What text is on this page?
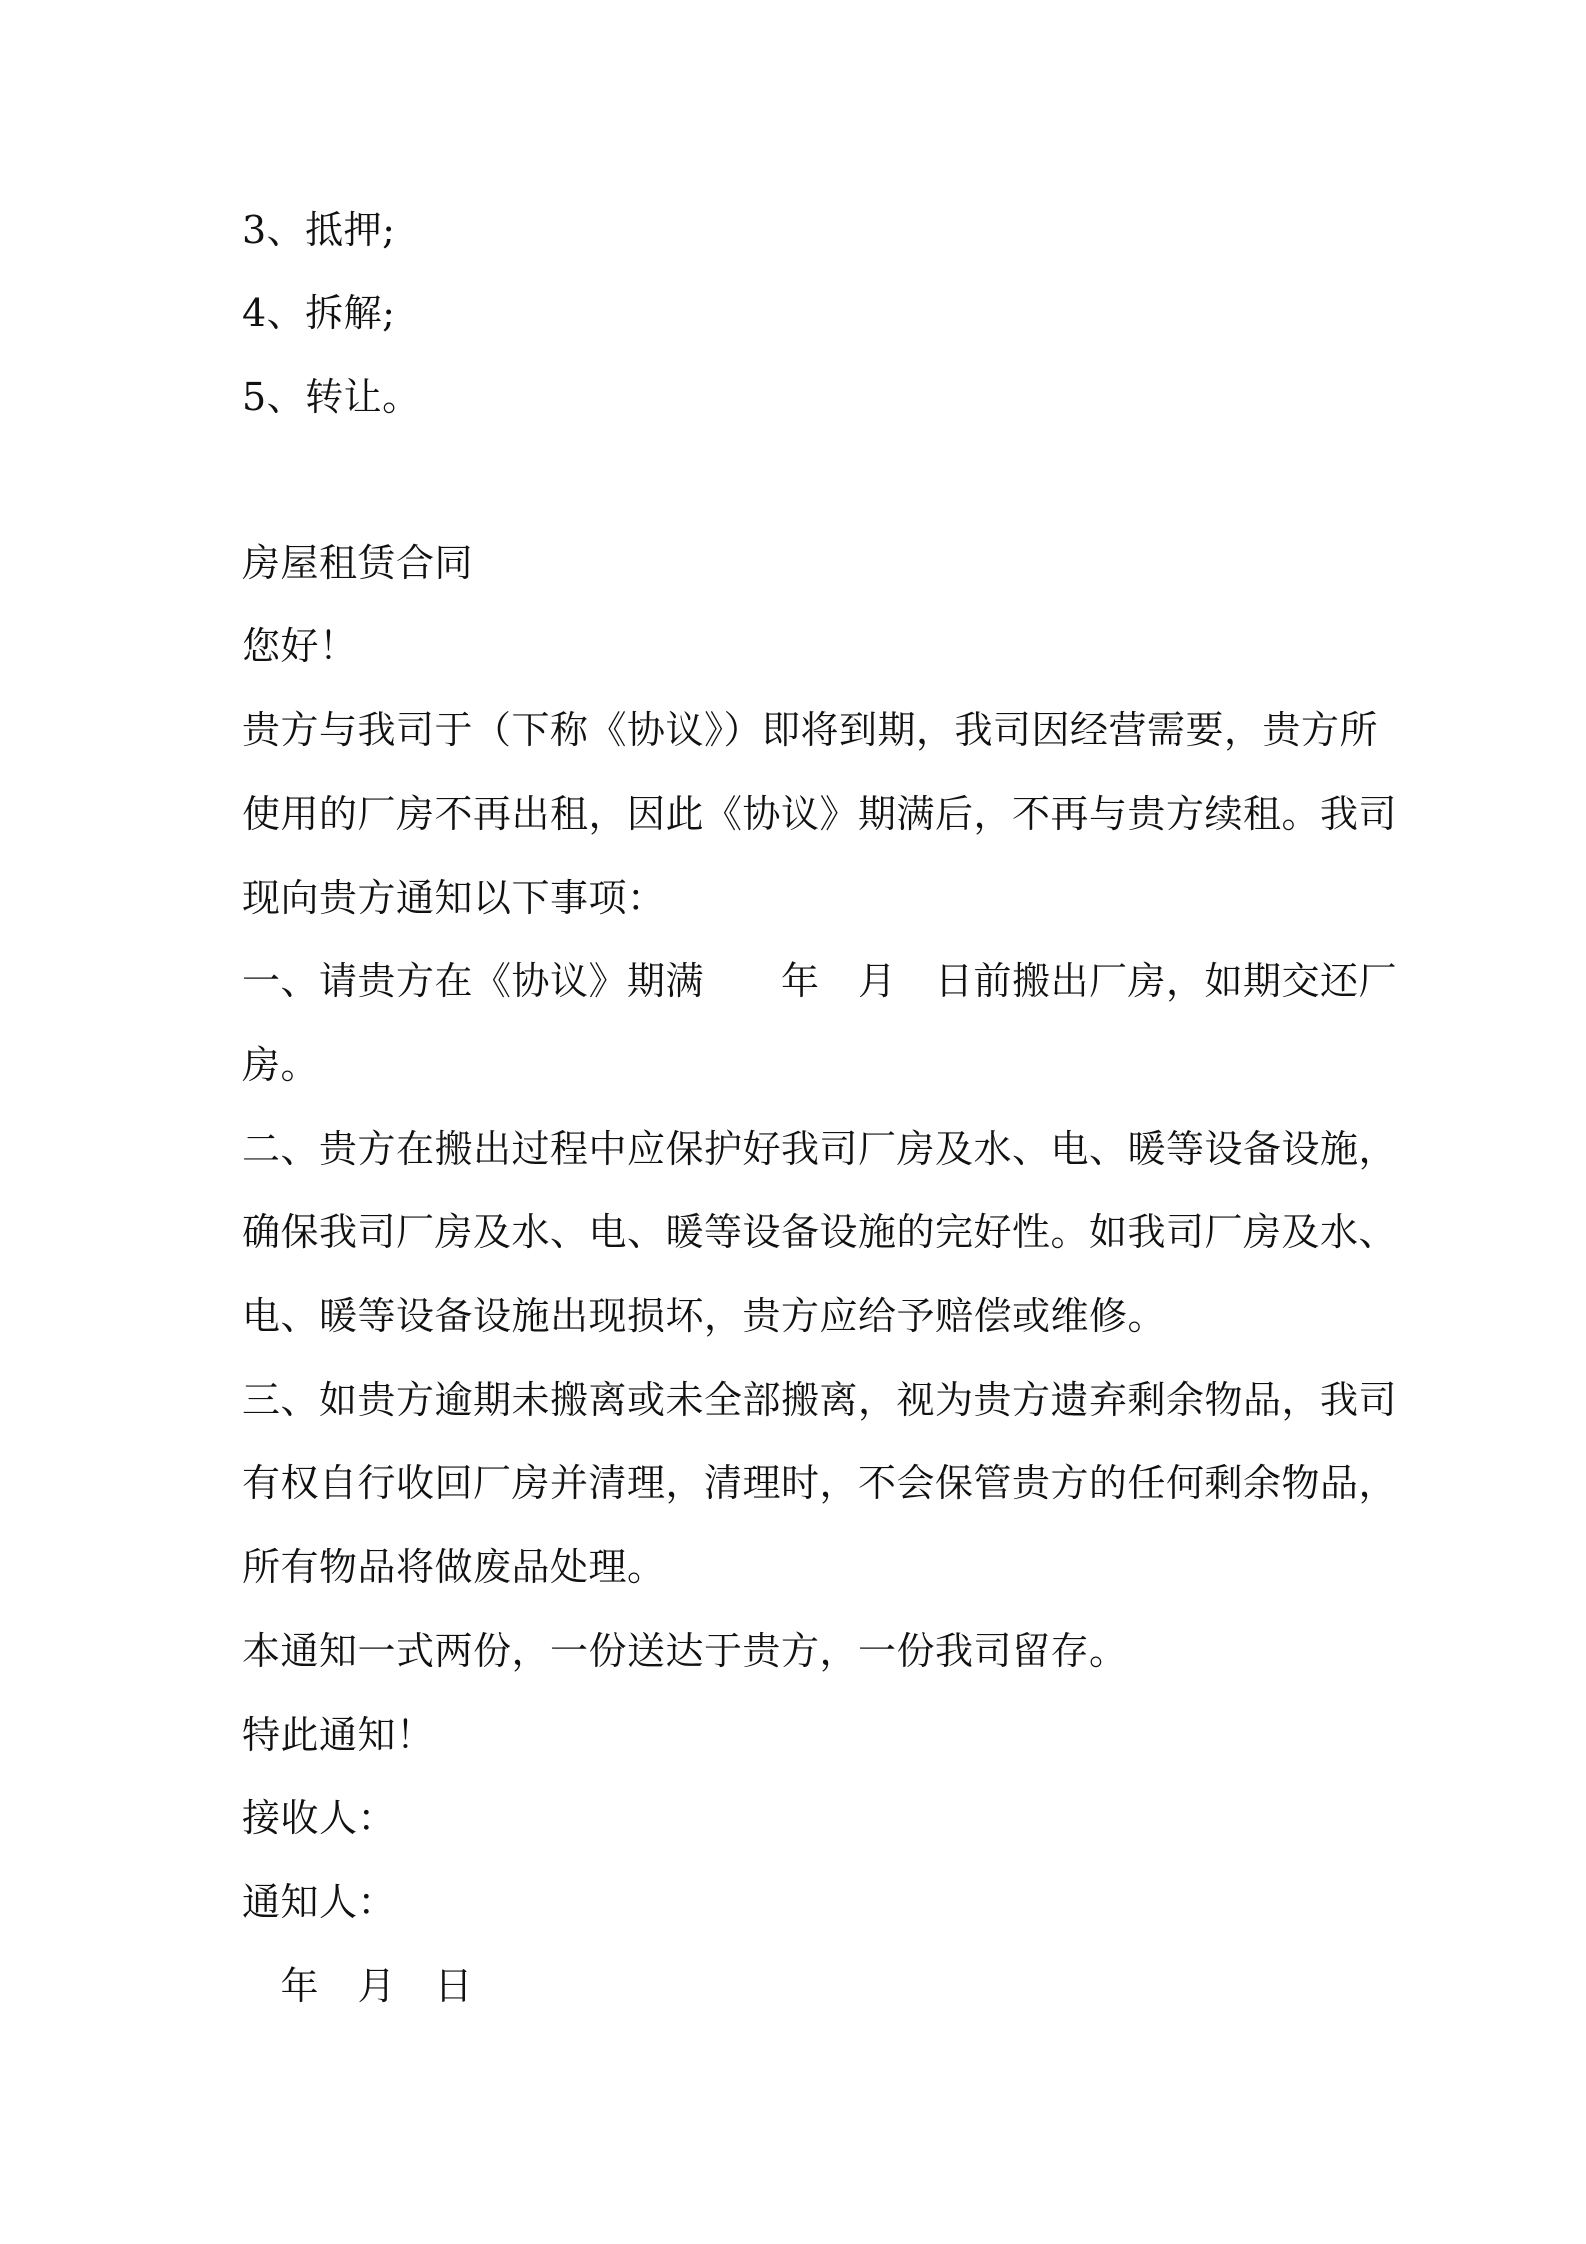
3、抵押;
4、拆解;
5、转让。
房屋租赁合同
您好！
贵方与我司于（下称《协议》）即将到期，我司因经营需要，贵方所
使用的厂房不再出租，因此《协议》期满后，不再与贵方续租。我司
现向贵方通知以下事项：
一、请贵方在《协议》期满　　年　月　日前搬出厂房，如期交还厂
房。
二、贵方在搬出过程中应保护好我司厂房及水、电、暖等设备设施，
确保我司厂房及水、电、暖等设备设施的完好性。如我司厂房及水、
电、暖等设备设施出现损坏，贵方应给予赔偿或维修。
三、如贵方逾期未搬离或未全部搬离，视为贵方遗弃剩余物品，我司
有权自行收回厂房并清理，清理时，不会保管贵方的任何剩余物品，
所有物品将做废品处理。
本通知一式两份，一份送达于贵方，一份我司留存。
特此通知！
接收人：
通知人：
　年　月　日
